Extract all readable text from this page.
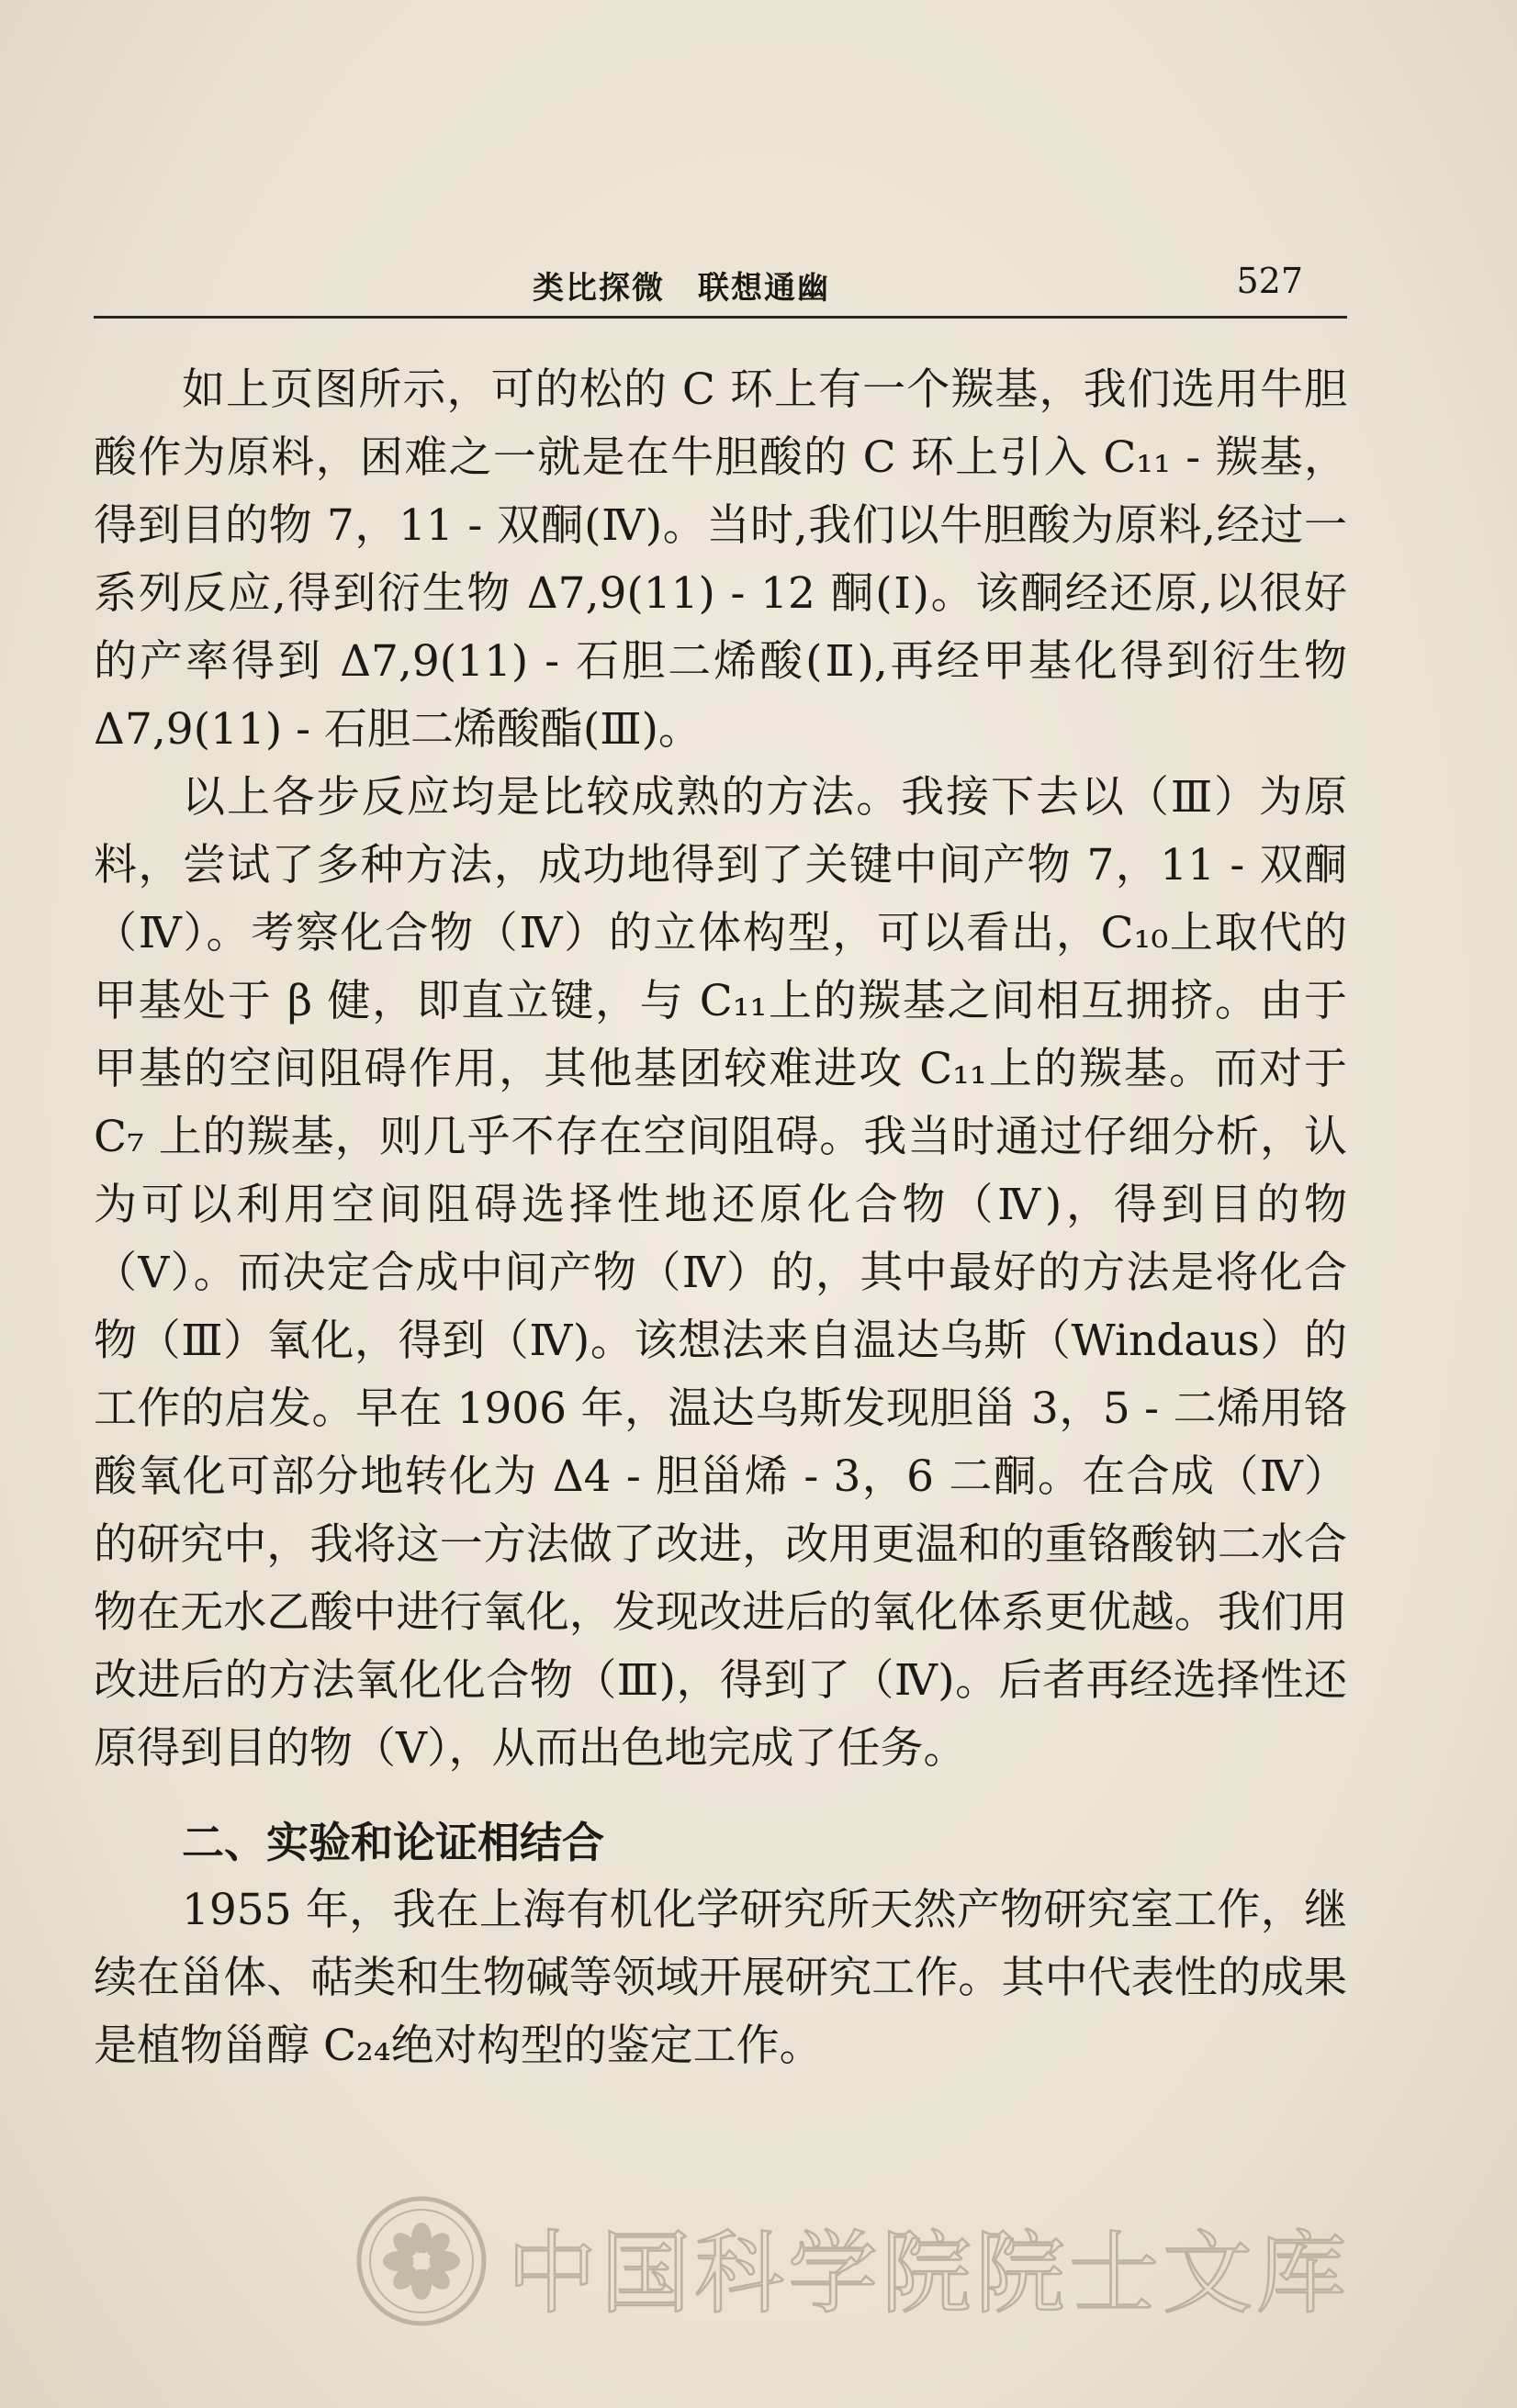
类比探微　联想通幽	527

如上页图所示，可的松的 C 环上有一个羰基，我们选用牛胆酸作为原料，困难之一就是在牛胆酸的 C 环上引入 C₁₁ - 羰基，得到目的物 7，11 - 双酮(Ⅳ)。当时,我们以牛胆酸为原料,经过一系列反应,得到衍生物 Δ7,9(11) - 12 酮(Ⅰ)。该酮经还原,以很好的产率得到 Δ7,9(11) - 石胆二烯酸(Ⅱ),再经甲基化得到衍生物 Δ7,9(11) - 石胆二烯酸酯(Ⅲ)。

以上各步反应均是比较成熟的方法。我接下去以（Ⅲ）为原料，尝试了多种方法，成功地得到了关键中间产物 7，11 - 双酮（Ⅳ）。考察化合物（Ⅳ）的立体构型，可以看出，C₁₀上取代的甲基处于 β 健，即直立键，与 C₁₁上的羰基之间相互拥挤。由于甲基的空间阻碍作用，其他基团较难进攻 C₁₁上的羰基。而对于 C₇ 上的羰基，则几乎不存在空间阻碍。我当时通过仔细分析，认为可以利用空间阻碍选择性地还原化合物（Ⅳ)，得到目的物（Ⅴ）。而决定合成中间产物（Ⅳ）的，其中最好的方法是将化合物（Ⅲ）氧化，得到（Ⅳ)。该想法来自温达乌斯（Windaus）的工作的启发。早在 1906 年，温达乌斯发现胆甾 3，5 - 二烯用铬酸氧化可部分地转化为 Δ4 - 胆甾烯 - 3，6 二酮。在合成（Ⅳ）的研究中，我将这一方法做了改进，改用更温和的重铬酸钠二水合物在无水乙酸中进行氧化，发现改进后的氧化体系更优越。我们用改进后的方法氧化化合物（Ⅲ)，得到了（Ⅳ)。后者再经选择性还原得到目的物（Ⅴ），从而出色地完成了任务。

二、实验和论证相结合

1955 年，我在上海有机化学研究所天然产物研究室工作，继续在甾体、萜类和生物碱等领域开展研究工作。其中代表性的成果是植物甾醇 C₂₄绝对构型的鉴定工作。

中国科学院院士文库
